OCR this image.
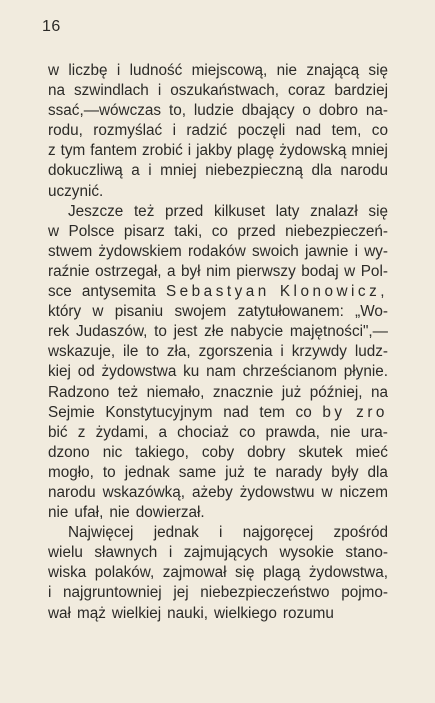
16
w liczbę i ludność miejscową, nie znającą się
na szwindlach i oszukaństwach, coraz bardziej
ssać,—wówczas to, ludzie dbający o dobro na-
rodu, rozmyślać i radzić poczęli nad tem, co
z tym fantem zrobić i jakby plagę żydowską mniej
dokuczliwą a i mniej niebezpieczną dla narodu
uczynić.
Jeszcze też przed kilkuset laty znalazł się
w Polsce pisarz taki, co przed niebezpieczeń-
stwem żydowskiem rodaków swoich jawnie i wy-
raźnie ostrzegał, a był nim pierwszy bodaj w Pol-
sce antysemita Sebastyan Klonowicz,
który w pisaniu swojem zatytułowanem: „Wo-
rek Judaszów, to jest złe nabycie majętności",—
wskazuje, ile to zła, zgorszenia i krzywdy ludz-
kiej od żydowstwa ku nam chrześcianom płynie.
Radzono też niemało, znacznie już później, na
Sejmie Konstytucyjnym nad tem co by zro
bić z żydami, a chociaż co prawda, nie ura-
dzono nic takiego, coby dobry skutek mieć
mogło, to jednak same już te narady były dla
narodu wskazówką, ażeby żydowstwu w niczem
nie ufał, nie dowierzał.
Najwięcej jednak i najgoręcej zpośród
wielu sławnych i zajmujących wysokie stano-
wiska polaków, zajmował się plagą żydowstwa,
i najgruntowniej jej niebezpieczeństwo pojmo-
wał mąż wielkiej nauki, wielkiego rozumu
